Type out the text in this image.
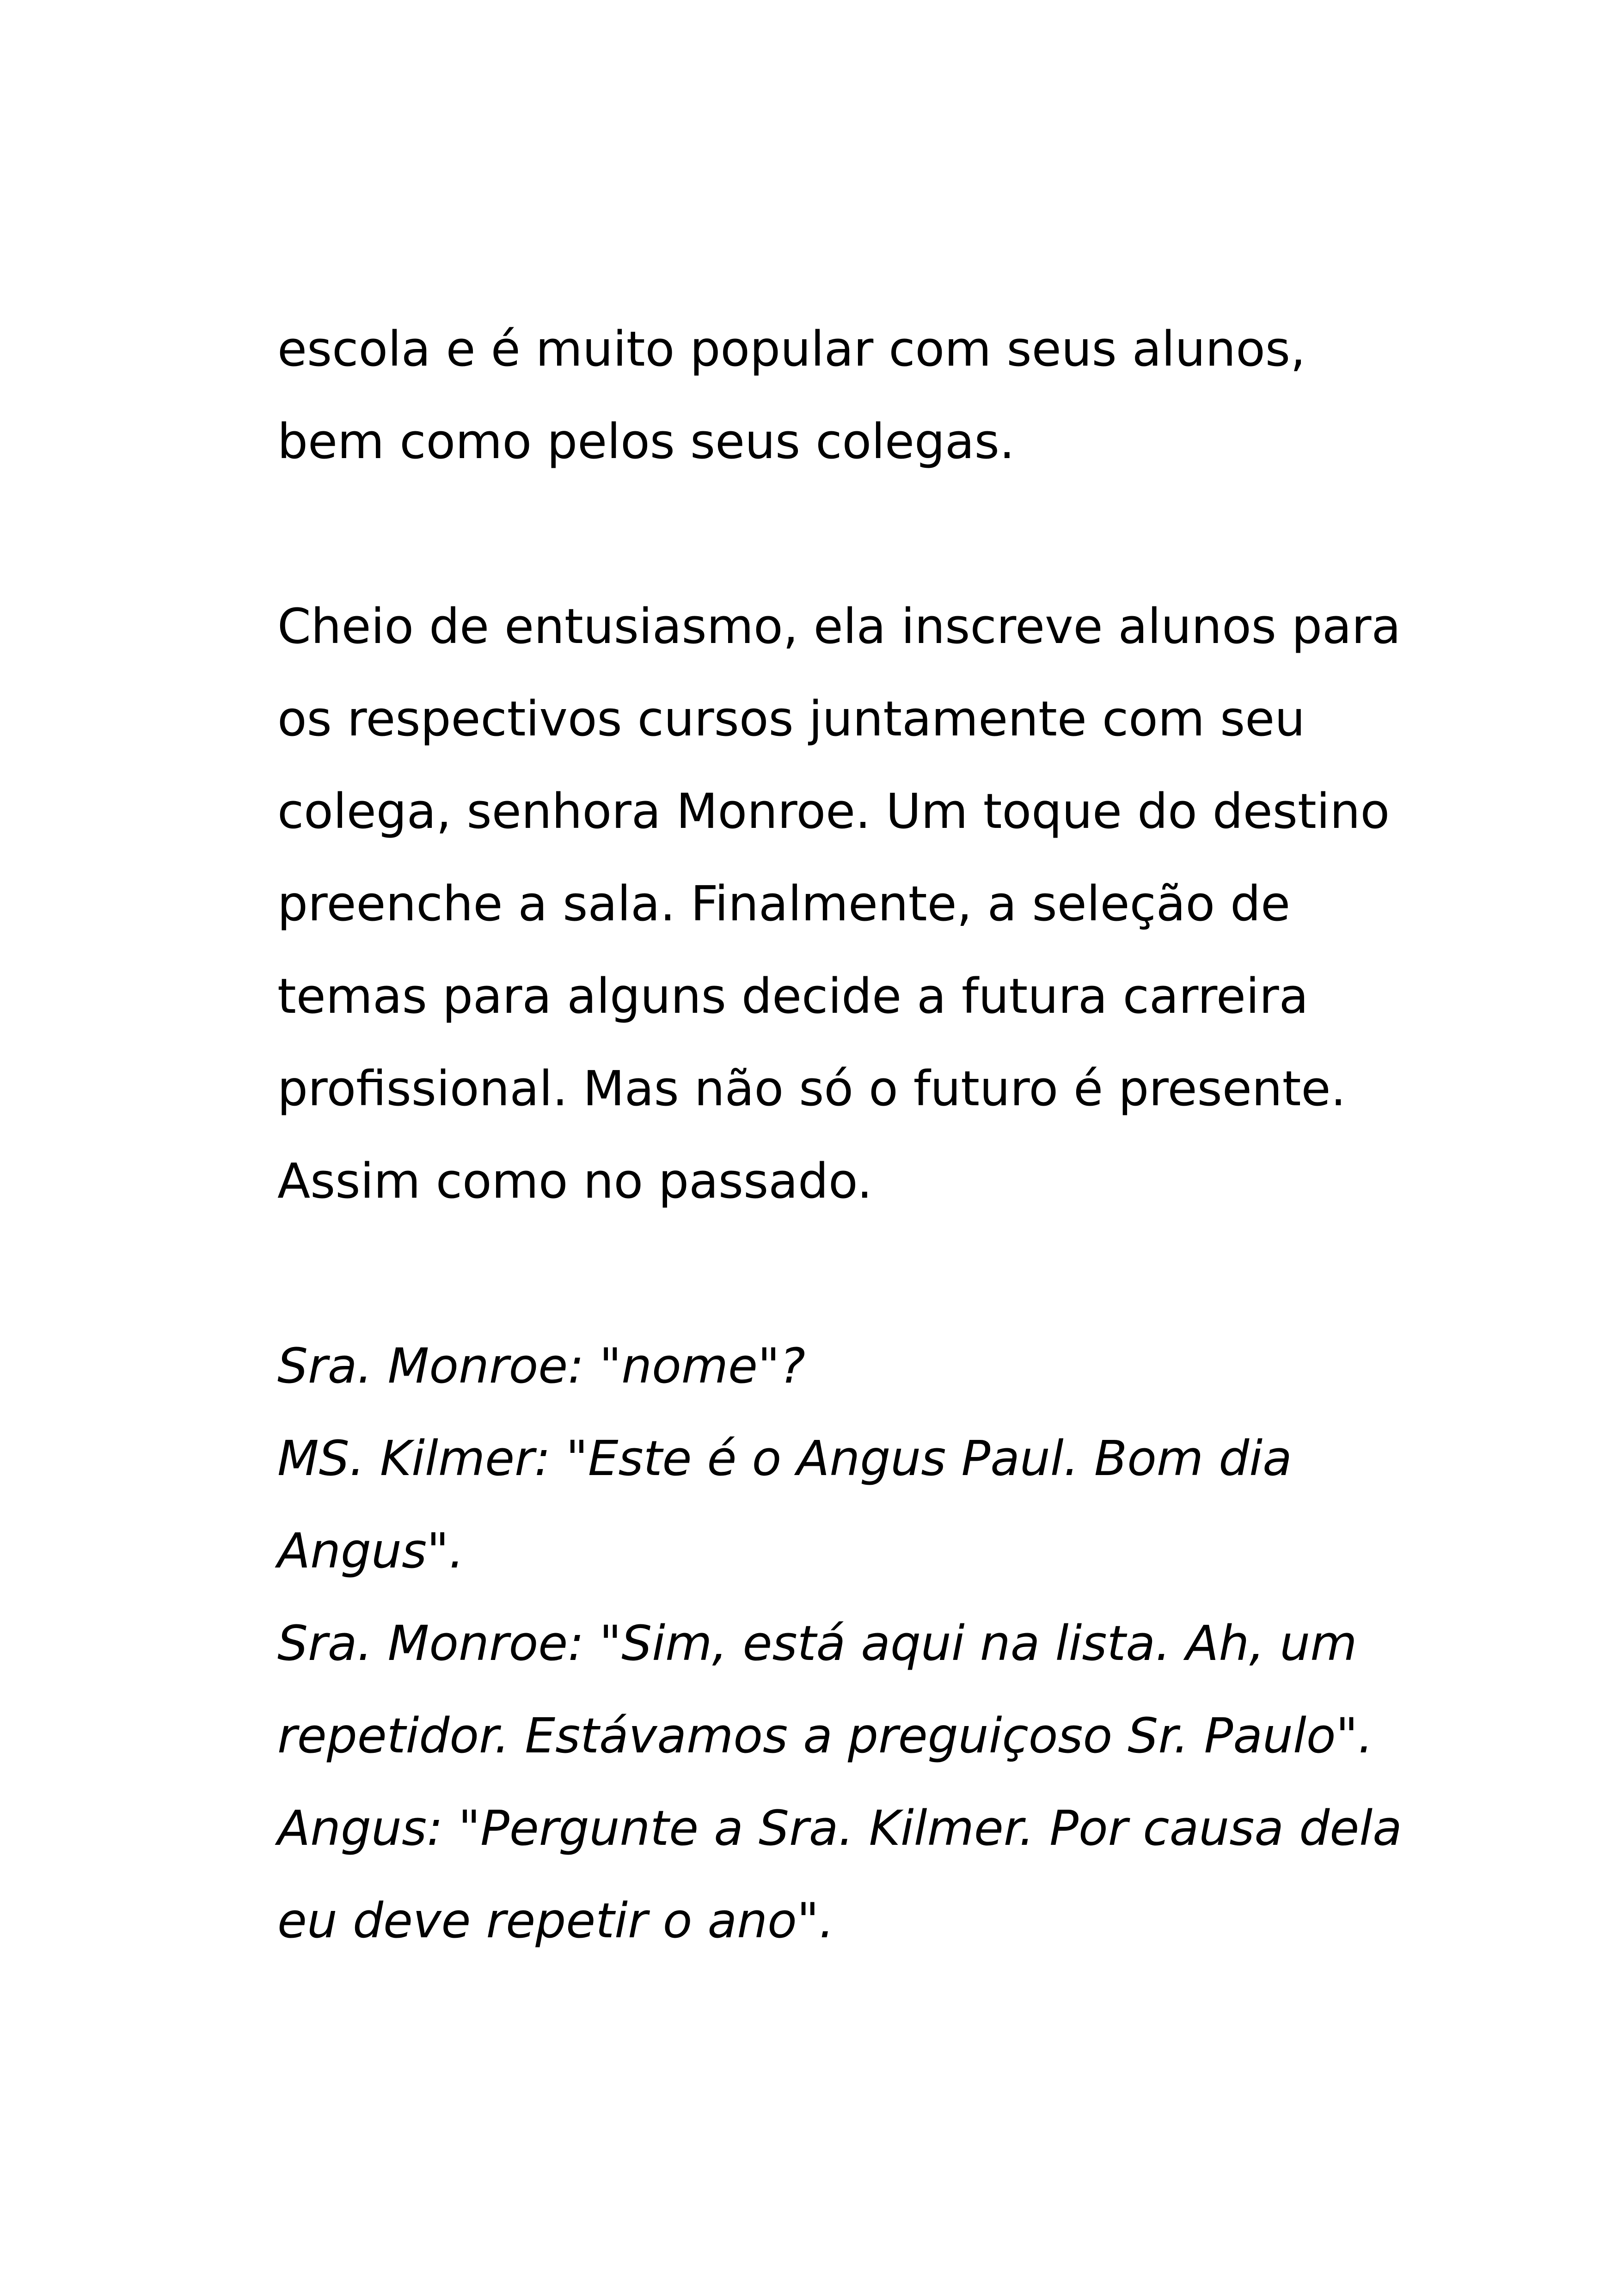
escola e é muito popular com seus alunos,

bem como pelos seus colegas.

Cheio de entusiasmo, ela inscreve alunos para

os respectivos cursos juntamente com seu

colega, senhora Monroe. Um toque do destino

preenche a sala. Finalmente, a seleção de

temas para alguns decide a futura carreira

profissional. Mas não só o futuro é presente.

Assim como no passado.

Sra. Monroe: "nome"?

MS. Kilmer: "Este é o Angus Paul. Bom dia

Angus".

Sra. Monroe: "Sim, está aqui na lista. Ah, um

repetidor. Estávamos a preguiçoso Sr. Paulo".

Angus: "Pergunte a Sra. Kilmer. Por causa dela

eu deve repetir o ano".
